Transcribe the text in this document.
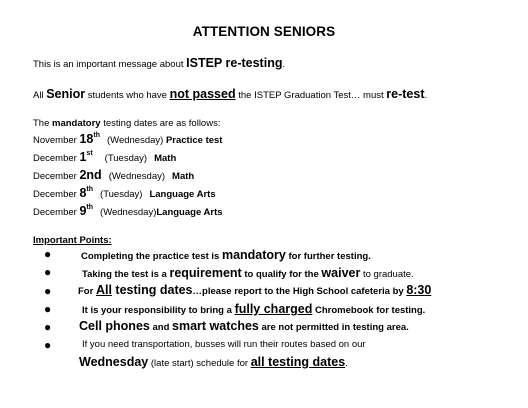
ATTENTION SENIORS
This is an important message about ISTEP re-testing.
All Senior students who have not passed the ISTEP Graduation Test… must re-test.
The mandatory testing dates are as follows:
November 18th (Wednesday) Practice test
December 1st (Tuesday) Math
December 2nd (Wednesday) Math
December 8th (Tuesday) Language Arts
December 9th (Wednesday)Language Arts
Important Points:
●	Completing the practice test is mandatory for further testing.
●	Taking the test is a requirement to qualify for the waiver to graduate.
●	For All testing dates…please report to the High School cafeteria by 8:30
●	It is your responsibility to bring a fully charged Chromebook for testing.
● Cell phones and smart watches are not permitted in testing area.
●	If you need transportation, busses will run their routes based on our
Wednesday (late start) schedule for all testing dates.
